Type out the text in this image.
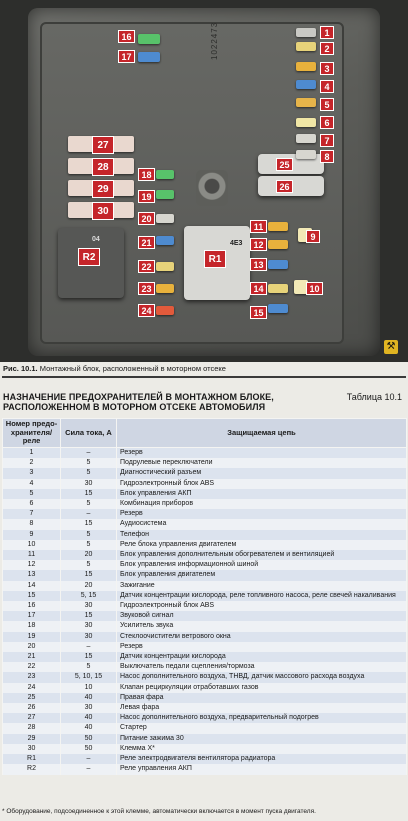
1022473
4E3
04
1
2
3
4
5
6
7
8
9
10
11
12
13
14
15
16
17
18
19
20
21
22
23
24
25
26
27
28
29
30
R1
R2
⚒
Рис. 10.1. Монтажный блок, расположенный в моторном отсеке
НАЗНАЧЕНИЕ ПРЕДОХРАНИТЕЛЕЙ В МОНТАЖНОМ БЛОКЕ,
РАСПОЛОЖЕННОМ В МОТОРНОМ ОТСЕКЕ АВТОМОБИЛЯ
Таблица 10.1
Номер предо-хранителя/реле	Сила тока, А	Защищаемая цепь
1	–	Резерв
2	5	Подрулевые переключатели
3	5	Диагностический разъем
4	30	Гидроэлектронный блок ABS
5	15	Блок управления АКП
6	5	Комбинация приборов
7	–	Резерв
8	15	Аудиосистема
9	5	Телефон
10	5	Реле блока управления двигателем
11	20	Блок управления дополнительным обогревателем и вентиляцией
12	5	Блок управления информационной шиной
13	15	Блок управления двигателем
14	20	Зажигание
15	5, 15	Датчик концентрации кислорода, реле топливного насоса, реле свечей накаливания
16	30	Гидроэлектронный блок ABS
17	15	Звуковой сигнал
18	30	Усилитель звука
19	30	Стеклоочистители ветрового окна
20	–	Резерв
21	15	Датчик концентрации кислорода
22	5	Выключатель педали сцепления/тормоза
23	5, 10, 15	Насос дополнительного воздуха, ТНВД, датчик массового расхода воздуха
24	10	Клапан рециркуляции отработавших газов
25	40	Правая фара
26	30	Левая фара
27	40	Насос дополнительного воздуха, предварительный подогрев
28	40	Стартер
29	50	Питание зажима 30
30	50	Клемма X*
R1	–	Реле электродвигателя вентилятора радиатора
R2	–	Реле управления АКП
* Оборудование, подсоединенное к этой клемме, автоматически включается в момент пуска двигателя.
